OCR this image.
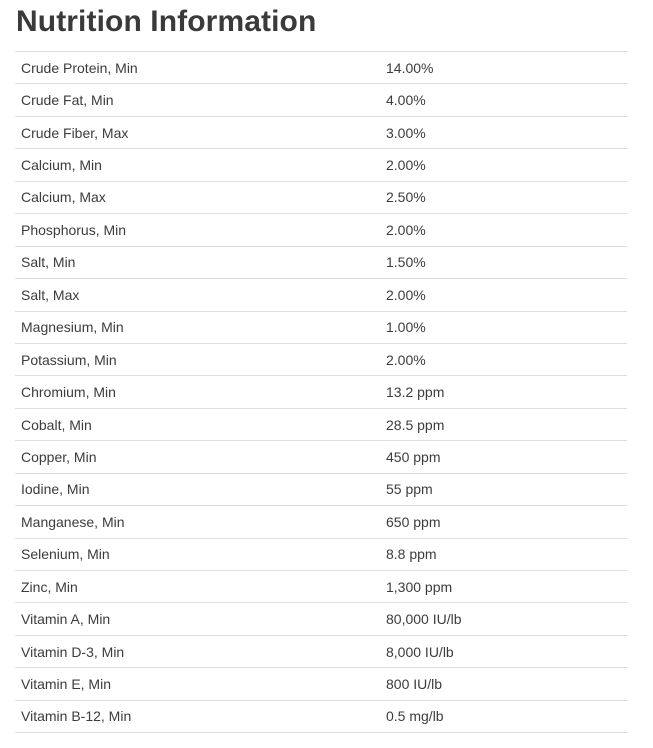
Nutrition Information
Crude Protein, Min	14.00%
Crude Fat, Min	4.00%
Crude Fiber, Max	3.00%
Calcium, Min	2.00%
Calcium, Max	2.50%
Phosphorus, Min	2.00%
Salt, Min	1.50%
Salt, Max	2.00%
Magnesium, Min	1.00%
Potassium, Min	2.00%
Chromium, Min	13.2 ppm
Cobalt, Min	28.5 ppm
Copper, Min	450 ppm
Iodine, Min	55 ppm
Manganese, Min	650 ppm
Selenium, Min	8.8 ppm
Zinc, Min	1,300 ppm
Vitamin A, Min	80,000 IU/lb
Vitamin D-3, Min	8,000 IU/lb
Vitamin E, Min	800 IU/lb
Vitamin B-12, Min	0.5 mg/lb
